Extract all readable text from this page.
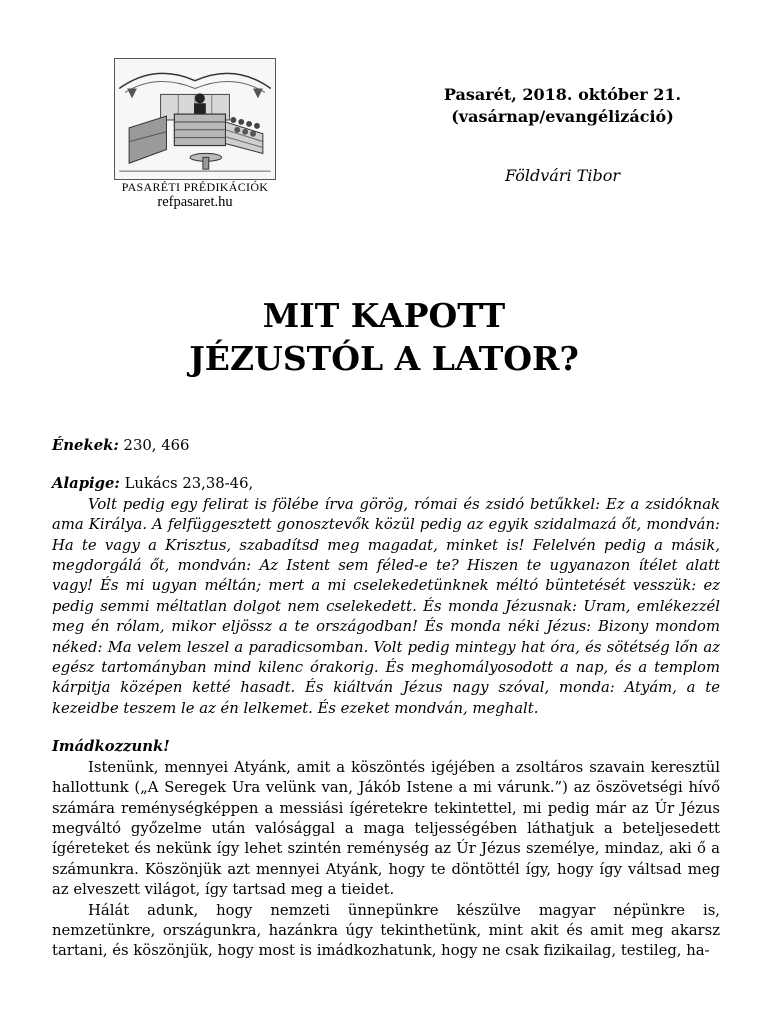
PASARÉTI PRÉDIKÁCIÓK
refpasaret.hu
Pasarét, 2018. október 21.
(vasárnap/evangélizáció)
Földvári Tibor
MIT KAPOTT
JÉZUSTÓL A LATOR?

Énekek: 230, 466

Alapige: Lukács 23,38-46,

Volt pedig egy felirat is fölébe írva görög, római és zsidó betűkkel: Ez a zsidóknak ama Királya. A felfüggesztett gonosztevők közül pedig az egyik szidalmazá őt, mondván: Ha te vagy a Krisztus, szabadítsd meg magadat, minket is! Felelvén pedig a másik, megdorgálá őt, mondván: Az Istent sem féled-e te? Hiszen te ugyanazon ítélet alatt vagy! És mi ugyan méltán; mert a mi cselekedetünknek méltó büntetését vesszük: ez pedig semmi méltatlan dolgot nem cselekedett. És monda Jézusnak: Uram, emlékezzél meg én rólam, mikor eljössz a te országodban! És monda néki Jézus: Bizony mondom néked: Ma velem leszel a paradicsomban. Volt pedig mintegy hat óra, és sötétség lőn az egész tartományban mind kilenc órakorig. És meghomályosodott a nap, és a templom kárpitja középen ketté hasadt. És kiáltván Jézus nagy szóval, monda: Atyám, a te kezeidbe teszem le az én lelkemet. És ezeket mondván, meghalt.

Imádkozzunk!

Istenünk, mennyei Atyánk, amit a köszöntés igéjében a zsoltáros szavain keresztül hallottunk („A Seregek Ura velünk van, Jákób Istene a mi várunk.”) az öszövetségi hívő számára reménységképpen a messiási ígéretekre tekintettel, mi pedig már az Úr Jézus megváltó győzelme után valósággal a maga teljességében láthatjuk a beteljesedett ígéreteket és nekünk így lehet szintén reménység az Úr Jézus személye, mindaz, aki ő a számunkra. Köszönjük azt mennyei Atyánk, hogy te döntöttél így, hogy így váltsad meg az elveszett világot, így tartsad meg a tieidet.

Hálát adunk, hogy nemzeti ünnepünkre készülve magyar népünkre is, nemzetünkre, országunkra, hazánkra úgy tekinthetünk, mint akit és amit meg akarsz tartani, és köszönjük, hogy most is imádkozhatunk, hogy ne csak fizikailag, testileg, ha-
